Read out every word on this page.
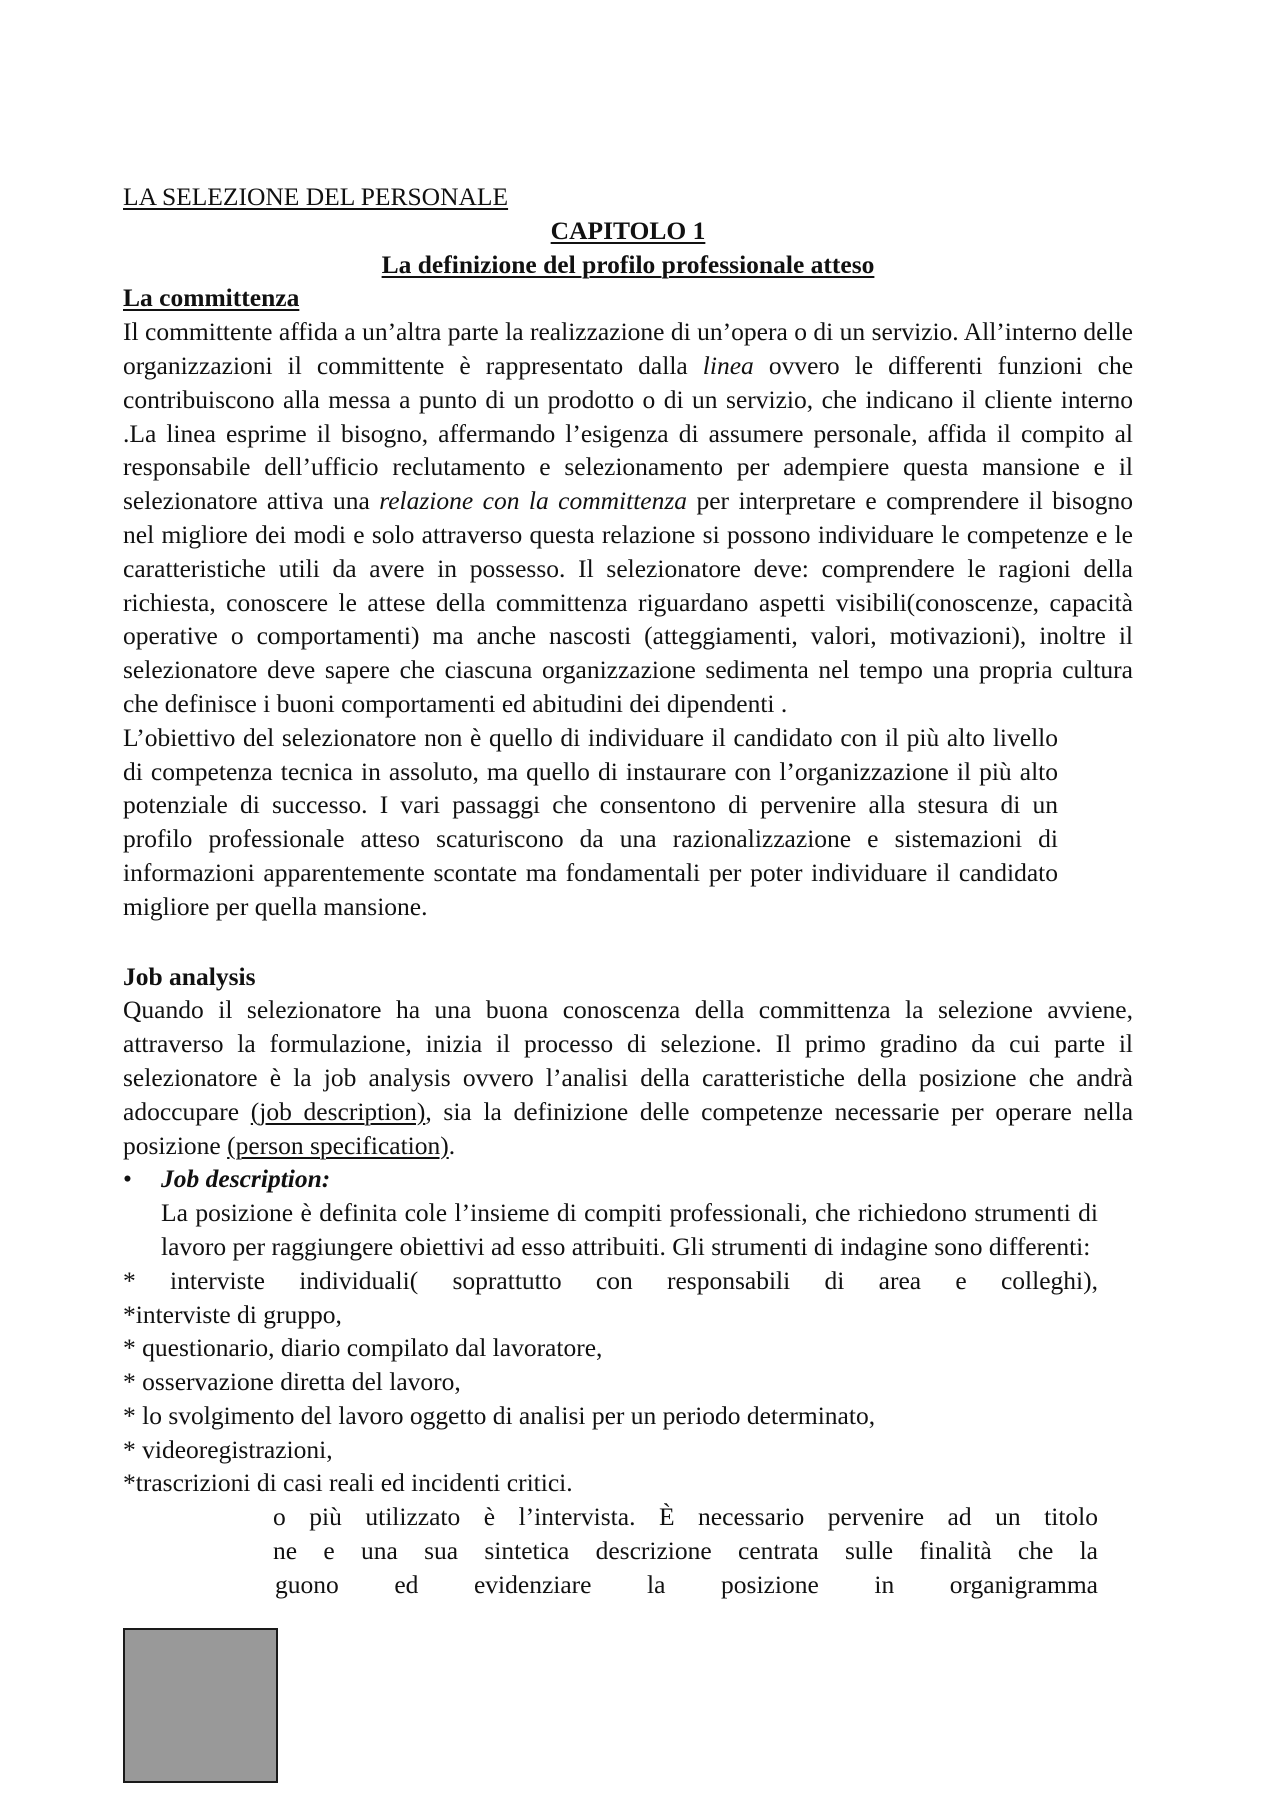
LA SELEZIONE DEL PERSONALE

CAPITOLO 1

La definizione del profilo professionale atteso

La committenza

Il committente affida a un’altra parte la realizzazione di un’opera o di un servizio. All’interno delle organizzazioni il committente è rappresentato dalla linea ovvero le differenti funzioni che contribuiscono alla messa a punto di un prodotto o di un servizio, che indicano il cliente interno .La linea esprime il bisogno, affermando l’esigenza di assumere personale, affida il compito al responsabile dell’ufficio reclutamento e selezionamento per adempiere questa mansione e il selezionatore attiva una relazione con la committenza per interpretare e comprendere il bisogno nel migliore dei modi e solo attraverso questa relazione si possono individuare le competenze e le caratteristiche utili da avere in possesso. Il selezionatore deve: comprendere le ragioni della richiesta, conoscere le attese della committenza riguardano aspetti visibili(conoscenze, capacità operative o comportamenti) ma anche nascosti (atteggiamenti, valori, motivazioni), inoltre il selezionatore deve sapere che ciascuna organizzazione sedimenta nel tempo una propria cultura che definisce i buoni comportamenti ed abitudini dei dipendenti .

L’obiettivo del selezionatore non è quello di individuare il candidato con il più alto livello di competenza tecnica in assoluto, ma quello di instaurare con l’organizzazione il più alto potenziale di successo. I vari passaggi che consentono di pervenire alla stesura di un profilo professionale atteso scaturiscono da una razionalizzazione e sistemazioni di informazioni apparentemente scontate ma fondamentali per poter individuare il candidato migliore per quella mansione.

Job analysis

Quando il selezionatore ha una buona conoscenza della committenza la selezione avviene, attraverso la formulazione, inizia il processo di selezione. Il primo gradino da cui parte il selezionatore è la job analysis ovvero l’analisi della caratteristiche della posizione che andrà adoccupare (job description), sia la definizione delle competenze necessarie per operare nella posizione (person specification).

• Job description:

La posizione è definita cole l’insieme di compiti professionali, che richiedono strumenti di lavoro per raggiungere obiettivi ad esso attribuiti. Gli strumenti di indagine sono differenti:

* interviste individuali( soprattutto con responsabili di area e colleghi),

*interviste di gruppo,

* questionario, diario compilato dal lavoratore,

* osservazione diretta del lavoro,

* lo svolgimento del lavoro oggetto di analisi per un periodo determinato,

* videoregistrazioni,

*trascrizioni di casi reali ed incidenti critici.

o più utilizzato è l’intervista. È necessario pervenire ad un titolo

ne e una sua sintetica descrizione centrata sulle finalità che la

guono ed evidenziare la posizione in organigramma
